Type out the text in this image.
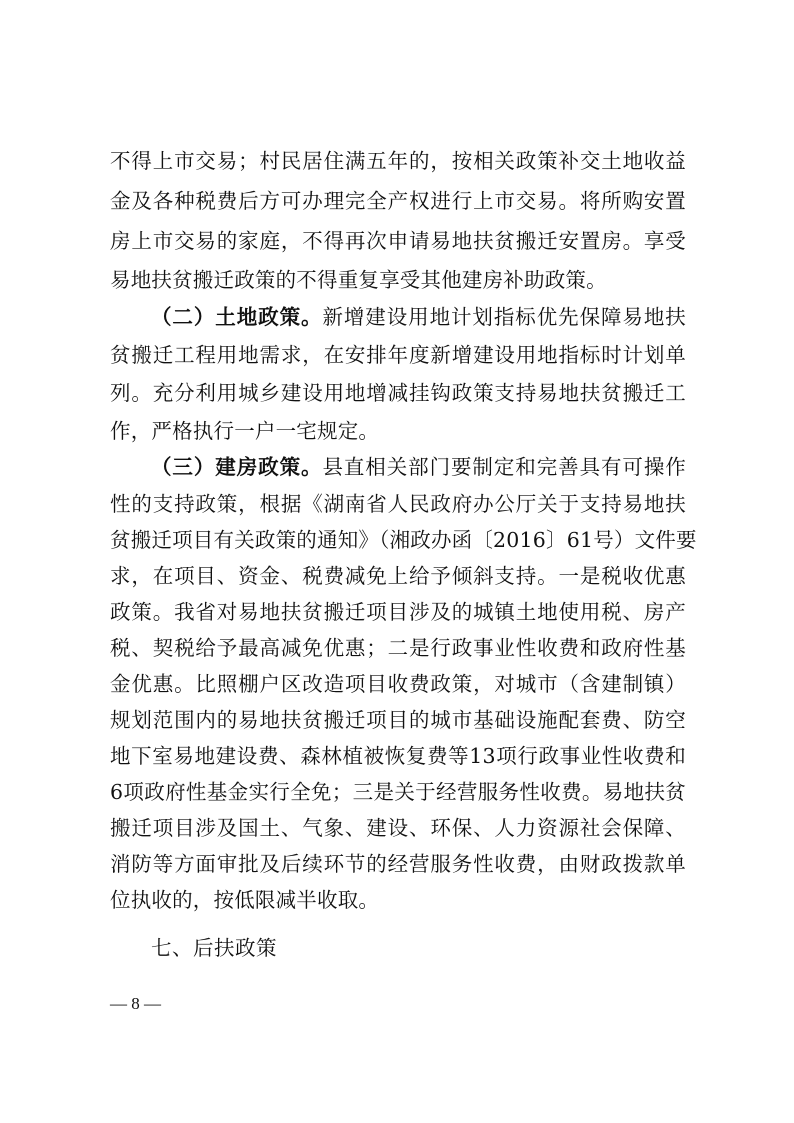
不得上市交易；村民居住满五年的，按相关政策补交土地收益
金及各种税费后方可办理完全产权进行上市交易。将所购安置
房上市交易的家庭，不得再次申请易地扶贫搬迁安置房。享受
易地扶贫搬迁政策的不得重复享受其他建房补助政策。
（二）土地政策。新增建设用地计划指标优先保障易地扶
贫搬迁工程用地需求，在安排年度新增建设用地指标时计划单
列。充分利用城乡建设用地增减挂钩政策支持易地扶贫搬迁工
作，严格执行一户一宅规定。
（三）建房政策。县直相关部门要制定和完善具有可操作
性的支持政策，根据《湖南省人民政府办公厅关于支持易地扶
贫搬迁项目有关政策的通知》（湘政办函〔2016〕61号）文件要
求，在项目、资金、税费减免上给予倾斜支持。一是税收优惠
政策。我省对易地扶贫搬迁项目涉及的城镇土地使用税、房产
税、契税给予最高减免优惠；二是行政事业性收费和政府性基
金优惠。比照棚户区改造项目收费政策，对城市（含建制镇）
规划范围内的易地扶贫搬迁项目的城市基础设施配套费、防空
地下室易地建设费、森林植被恢复费等13项行政事业性收费和
6项政府性基金实行全免；三是关于经营服务性收费。易地扶贫
搬迁项目涉及国土、气象、建设、环保、人力资源社会保障、
消防等方面审批及后续环节的经营服务性收费，由财政拨款单
位执收的，按低限减半收取。
七、后扶政策
— 8 —
